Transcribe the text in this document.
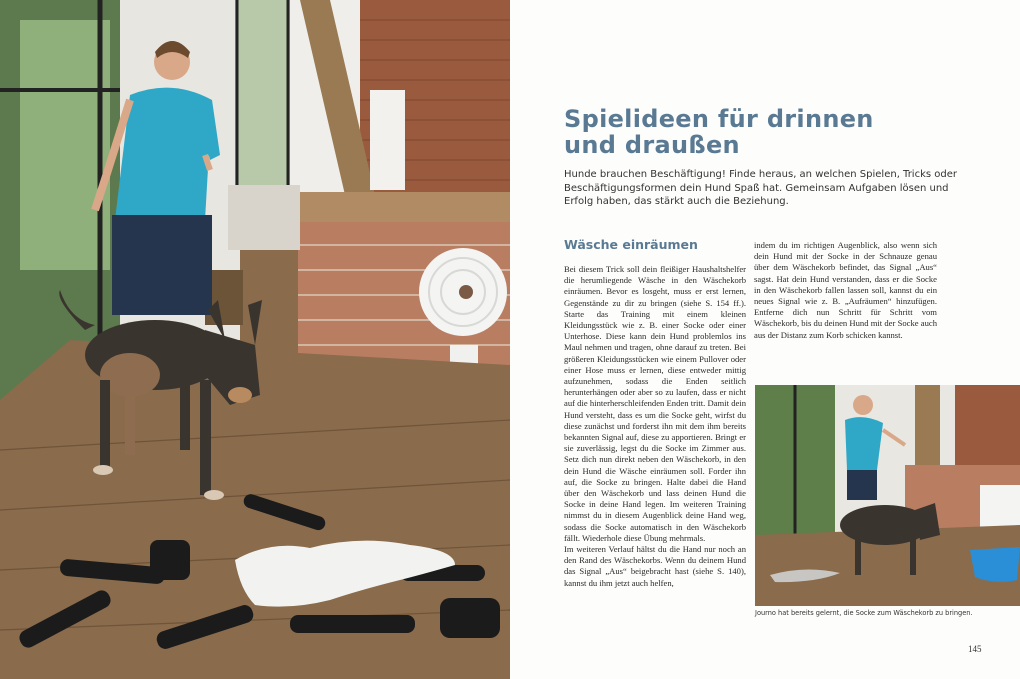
Spielideen für drinnen
und draußen

Hunde brauchen Beschäftigung! Finde heraus, an welchen Spielen, Tricks oder Beschäftigungsformen dein Hund Spaß hat. Gemeinsam Aufgaben lösen und Erfolg haben, das stärkt auch die Beziehung.

Wäsche einräumen

Bei diesem Trick soll dein fleißiger Haushaltshelfer die herumliegende Wäsche in den Wäschekorb einräumen. Bevor es losgeht, muss er erst lernen, Gegenstände zu dir zu bringen (siehe S. 154 ff.). Starte das Training mit einem kleinen Kleidungsstück wie z. B. einer Socke oder einer Unterhose. Diese kann dein Hund problemlos ins Maul nehmen und tragen, ohne darauf zu treten. Bei größeren Kleidungsstücken wie einem Pullover oder einer Hose muss er lernen, diese entweder mittig aufzunehmen, sodass die Enden seitlich herunterhängen oder aber so zu laufen, dass er nicht auf die hinterherschleifenden Enden tritt. Damit dein Hund versteht, dass es um die Socke geht, wirfst du diese zunächst und forderst ihn mit dem ihm bereits bekannten Signal auf, diese zu apportieren. Bringt er sie zuverlässig, legst du die Socke im Zimmer aus. Setz dich nun direkt neben den Wäschekorb, in den dein Hund die Wäsche einräumen soll. Forder ihn auf, die Socke zu bringen. Halte dabei die Hand über den Wäschekorb und lass deinen Hund die Socke in deine Hand legen. Im weiteren Training nimmst du in diesem Augenblick deine Hand weg, sodass die Socke automatisch in den Wäschekorb fällt. Wiederhole diese Übung mehrmals.

Im weiteren Verlauf hältst du die Hand nur noch an den Rand des Wäschekorbs. Wenn du deinem Hund das Signal „Aus“ beigebracht hast (siehe S. 140), kannst du ihm jetzt auch helfen,

indem du im richtigen Augenblick, also wenn sich dein Hund mit der Socke in der Schnauze genau über dem Wäschekorb befindet, das Signal „Aus“ sagst. Hat dein Hund verstanden, dass er die Socke in den Wäschekorb fallen lassen soll, kannst du ein neues Signal wie z. B. „Aufräumen“ hinzufügen. Entferne dich nun Schritt für Schritt vom Wäschekorb, bis du deinen Hund mit der Socke auch aus der Distanz zum Korb schicken kannst.

Journo hat bereits gelernt, die Socke zum Wäschekorb zu bringen.

145
